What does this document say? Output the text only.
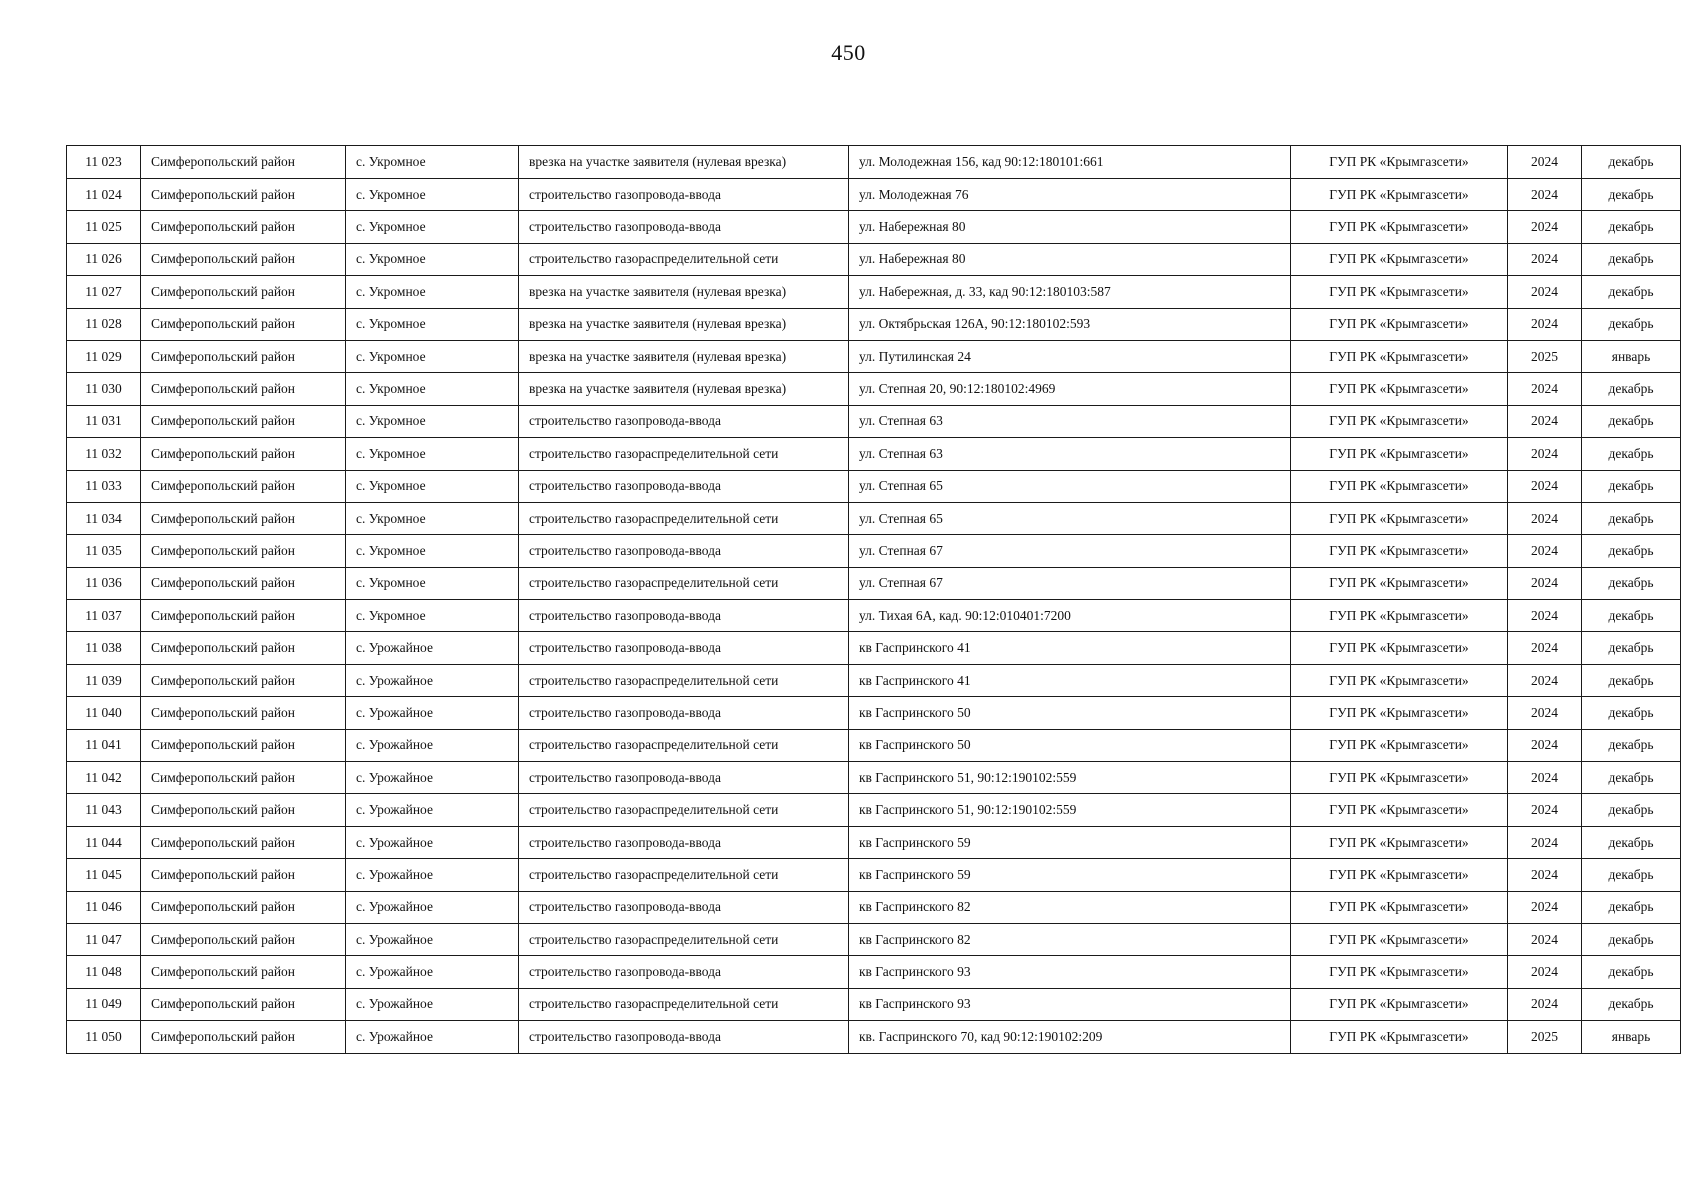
450
11 023	Симферопольский район	с. Укромное	врезка на участке заявителя (нулевая врезка)	ул. Молодежная 156, кад 90:12:180101:661	ГУП РК «Крымгазсети»	2024	декабрь
11 024	Симферопольский район	с. Укромное	строительство газопровода-ввода	ул. Молодежная 76	ГУП РК «Крымгазсети»	2024	декабрь
11 025	Симферопольский район	с. Укромное	строительство газопровода-ввода	ул. Набережная 80	ГУП РК «Крымгазсети»	2024	декабрь
11 026	Симферопольский район	с. Укромное	строительство газораспределительной сети	ул. Набережная 80	ГУП РК «Крымгазсети»	2024	декабрь
11 027	Симферопольский район	с. Укромное	врезка на участке заявителя (нулевая врезка)	ул. Набережная, д. 33, кад 90:12:180103:587	ГУП РК «Крымгазсети»	2024	декабрь
11 028	Симферопольский район	с. Укромное	врезка на участке заявителя (нулевая врезка)	ул. Октябрьская 126А, 90:12:180102:593	ГУП РК «Крымгазсети»	2024	декабрь
11 029	Симферопольский район	с. Укромное	врезка на участке заявителя (нулевая врезка)	ул. Путилинская 24	ГУП РК «Крымгазсети»	2025	январь
11 030	Симферопольский район	с. Укромное	врезка на участке заявителя (нулевая врезка)	ул. Степная 20, 90:12:180102:4969	ГУП РК «Крымгазсети»	2024	декабрь
11 031	Симферопольский район	с. Укромное	строительство газопровода-ввода	ул. Степная 63	ГУП РК «Крымгазсети»	2024	декабрь
11 032	Симферопольский район	с. Укромное	строительство газораспределительной сети	ул. Степная 63	ГУП РК «Крымгазсети»	2024	декабрь
11 033	Симферопольский район	с. Укромное	строительство газопровода-ввода	ул. Степная 65	ГУП РК «Крымгазсети»	2024	декабрь
11 034	Симферопольский район	с. Укромное	строительство газораспределительной сети	ул. Степная 65	ГУП РК «Крымгазсети»	2024	декабрь
11 035	Симферопольский район	с. Укромное	строительство газопровода-ввода	ул. Степная 67	ГУП РК «Крымгазсети»	2024	декабрь
11 036	Симферопольский район	с. Укромное	строительство газораспределительной сети	ул. Степная 67	ГУП РК «Крымгазсети»	2024	декабрь
11 037	Симферопольский район	с. Укромное	строительство газопровода-ввода	ул. Тихая 6А, кад. 90:12:010401:7200	ГУП РК «Крымгазсети»	2024	декабрь
11 038	Симферопольский район	с. Урожайное	строительство газопровода-ввода	кв Гаспринского 41	ГУП РК «Крымгазсети»	2024	декабрь
11 039	Симферопольский район	с. Урожайное	строительство газораспределительной сети	кв Гаспринского 41	ГУП РК «Крымгазсети»	2024	декабрь
11 040	Симферопольский район	с. Урожайное	строительство газопровода-ввода	кв Гаспринского 50	ГУП РК «Крымгазсети»	2024	декабрь
11 041	Симферопольский район	с. Урожайное	строительство газораспределительной сети	кв Гаспринского 50	ГУП РК «Крымгазсети»	2024	декабрь
11 042	Симферопольский район	с. Урожайное	строительство газопровода-ввода	кв Гаспринского 51, 90:12:190102:559	ГУП РК «Крымгазсети»	2024	декабрь
11 043	Симферопольский район	с. Урожайное	строительство газораспределительной сети	кв Гаспринского 51, 90:12:190102:559	ГУП РК «Крымгазсети»	2024	декабрь
11 044	Симферопольский район	с. Урожайное	строительство газопровода-ввода	кв Гаспринского 59	ГУП РК «Крымгазсети»	2024	декабрь
11 045	Симферопольский район	с. Урожайное	строительство газораспределительной сети	кв Гаспринского 59	ГУП РК «Крымгазсети»	2024	декабрь
11 046	Симферопольский район	с. Урожайное	строительство газопровода-ввода	кв Гаспринского 82	ГУП РК «Крымгазсети»	2024	декабрь
11 047	Симферопольский район	с. Урожайное	строительство газораспределительной сети	кв Гаспринского 82	ГУП РК «Крымгазсети»	2024	декабрь
11 048	Симферопольский район	с. Урожайное	строительство газопровода-ввода	кв Гаспринского 93	ГУП РК «Крымгазсети»	2024	декабрь
11 049	Симферопольский район	с. Урожайное	строительство газораспределительной сети	кв Гаспринского 93	ГУП РК «Крымгазсети»	2024	декабрь
11 050	Симферопольский район	с. Урожайное	строительство газопровода-ввода	кв. Гаспринского 70, кад 90:12:190102:209	ГУП РК «Крымгазсети»	2025	январь
